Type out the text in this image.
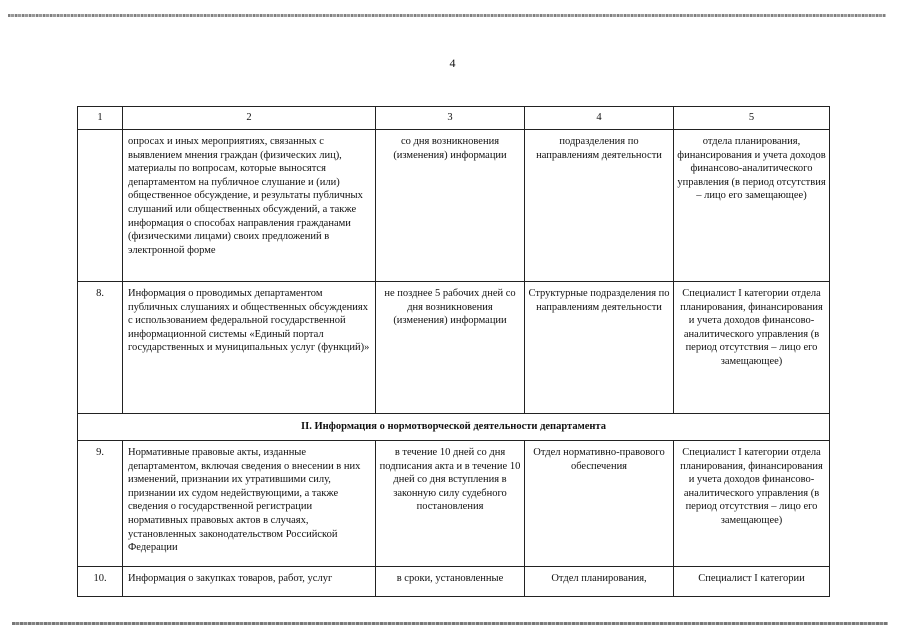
4
1	2	3	4	5
	опросах и иных мероприятиях, связанных с выявлением мнения граждан (физических лиц), материалы по вопросам, которые выносятся департаментом на публичное слушание и (или) общественное обсуждение, и результаты публичных слушаний или общественных обсуждений, а также информация о способах направления гражданами (физическими лицами) своих предложений в электронной форме	со дня возникновения (изменения) информации	подразделения по направлениям деятельности	отдела планирования, финансирования и учета доходов финансово-аналитического управления (в период отсутствия – лицо его замещающее)
8.	Информация о проводимых департаментом публичных слушаниях и общественных обсуждениях с использованием федеральной государственной информационной системы «Единый портал государственных и муниципальных услуг (функций)»	не позднее 5 рабочих дней со дня возникновения (изменения) информации	Структурные подразделения по направлениям деятельности	Специалист I категории отдела планирования, финансирования и учета доходов финансово-аналитического управления (в период отсутствия – лицо его замещающее)
II. Информация о нормотворческой деятельности департамента				
9.	Нормативные правовые акты, изданные департаментом, включая сведения о внесении в них изменений, признании их утратившими силу, признании их судом недействующими, а также сведения о государственной регистрации нормативных правовых актов в случаях, установленных законодательством Российской Федерации	в течение 10 дней со дня подписания акта и в течение 10 дней со дня вступления в законную силу судебного постановления	Отдел нормативно-правового обеспечения	Специалист I категории отдела планирования, финансирования и учета доходов финансово-аналитического управления (в период отсутствия – лицо его замещающее)
10.	Информация о закупках товаров, работ, услуг	в сроки, установленные	Отдел планирования,	Специалист I категории
